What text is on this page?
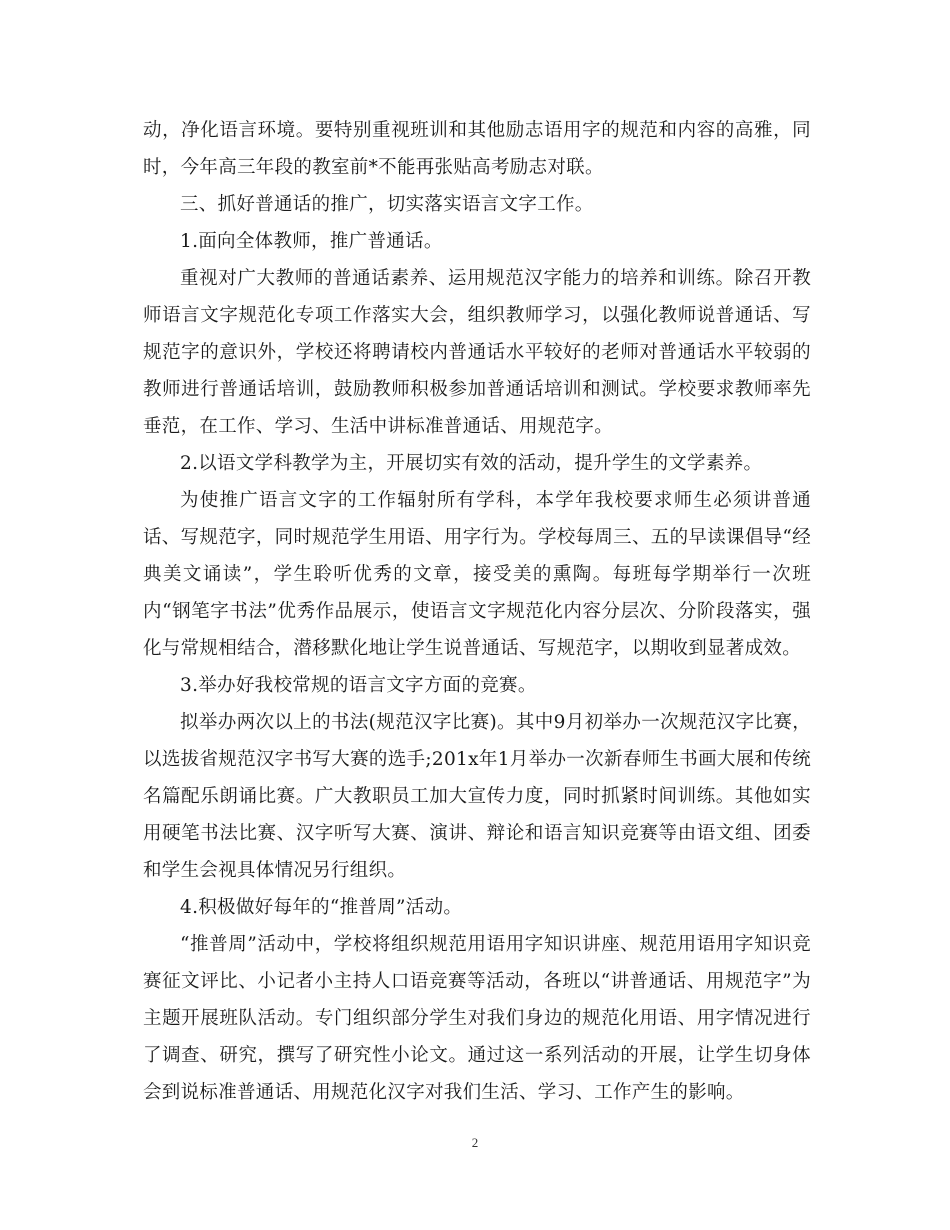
动，净化语言环境。要特别重视班训和其他励志语用字的规范和内容的高雅，同时，今年高三年段的教室前*不能再张贴高考励志对联。

三、抓好普通话的推广，切实落实语言文字工作。

1.面向全体教师，推广普通话。

重视对广大教师的普通话素养、运用规范汉字能力的培养和训练。除召开教师语言文字规范化专项工作落实大会，组织教师学习，以强化教师说普通话、写规范字的意识外，学校还将聘请校内普通话水平较好的老师对普通话水平较弱的教师进行普通话培训，鼓励教师积极参加普通话培训和测试。学校要求教师率先垂范，在工作、学习、生活中讲标准普通话、用规范字。

2.以语文学科教学为主，开展切实有效的活动，提升学生的文学素养。

为使推广语言文字的工作辐射所有学科，本学年我校要求师生必须讲普通话、写规范字，同时规范学生用语、用字行为。学校每周三、五的早读课倡导“经典美文诵读”，学生聆听优秀的文章，接受美的熏陶。每班每学期举行一次班内“钢笔字书法”优秀作品展示，使语言文字规范化内容分层次、分阶段落实，强化与常规相结合，潜移默化地让学生说普通话、写规范字，以期收到显著成效。

3.举办好我校常规的语言文字方面的竞赛。

拟举办两次以上的书法(规范汉字比赛)。其中9月初举办一次规范汉字比赛，以选拔省规范汉字书写大赛的选手;201x年1月举办一次新春师生书画大展和传统名篇配乐朗诵比赛。广大教职员工加大宣传力度，同时抓紧时间训练。其他如实用硬笔书法比赛、汉字听写大赛、演讲、辩论和语言知识竞赛等由语文组、团委和学生会视具体情况另行组织。

4.积极做好每年的“推普周”活动。

“推普周”活动中，学校将组织规范用语用字知识讲座、规范用语用字知识竞赛征文评比、小记者小主持人口语竞赛等活动，各班以“讲普通话、用规范字”为主题开展班队活动。专门组织部分学生对我们身边的规范化用语、用字情况进行了调查、研究，撰写了研究性小论文。通过这一系列活动的开展，让学生切身体会到说标准普通话、用规范化汉字对我们生活、学习、工作产生的影响。

2
